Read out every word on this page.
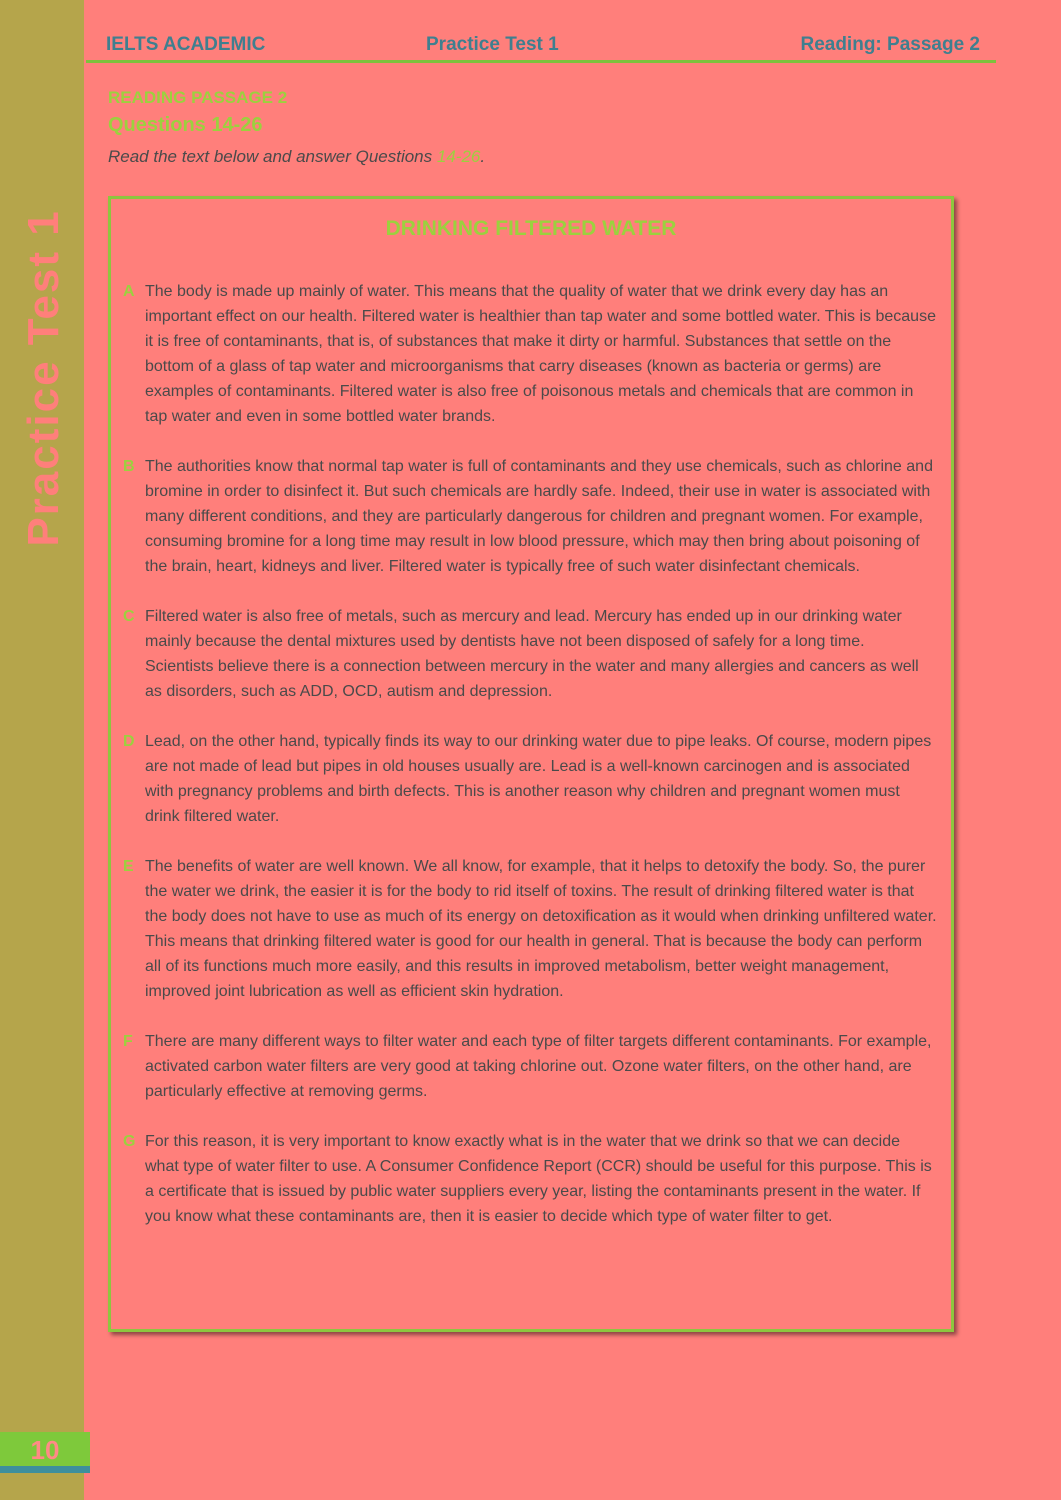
Practice Test 1
10
IELTS ACADEMIC	Practice Test 1	Reading: Passage 2

READING PASSAGE 2

Questions 14-26

Read the text below and answer Questions 14-26.

DRINKING FILTERED WATER

A The body is made up mainly of water. This means that the quality of water that we drink every day has an important effect on our health. Filtered water is healthier than tap water and some bottled water. This is because it is free of contaminants, that is, of substances that make it dirty or harmful. Substances that settle on the bottom of a glass of tap water and microorganisms that carry diseases (known as bacteria or germs) are examples of contaminants. Filtered water is also free of poisonous metals and chemicals that are common in tap water and even in some bottled water brands.

B The authorities know that normal tap water is full of contaminants and they use chemicals, such as chlorine and bromine in order to disinfect it. But such chemicals are hardly safe. Indeed, their use in water is associated with many different conditions, and they are particularly dangerous for children and pregnant women. For example, consuming bromine for a long time may result in low blood pressure, which may then bring about poisoning of the brain, heart, kidneys and liver. Filtered water is typically free of such water disinfectant chemicals.

C Filtered water is also free of metals, such as mercury and lead. Mercury has ended up in our drinking water mainly because the dental mixtures used by dentists have not been disposed of safely for a long time. Scientists believe there is a connection between mercury in the water and many allergies and cancers as well as disorders, such as ADD, OCD, autism and depression.

D Lead, on the other hand, typically finds its way to our drinking water due to pipe leaks. Of course, modern pipes are not made of lead but pipes in old houses usually are. Lead is a well-known carcinogen and is associated with pregnancy problems and birth defects. This is another reason why children and pregnant women must drink filtered water.

E The benefits of water are well known. We all know, for example, that it helps to detoxify the body. So, the purer the water we drink, the easier it is for the body to rid itself of toxins. The result of drinking filtered water is that the body does not have to use as much of its energy on detoxification as it would when drinking unfiltered water. This means that drinking filtered water is good for our health in general. That is because the body can perform all of its functions much more easily, and this results in improved metabolism, better weight management, improved joint lubrication as well as efficient skin hydration.

F There are many different ways to filter water and each type of filter targets different contaminants. For example, activated carbon water filters are very good at taking chlorine out. Ozone water filters, on the other hand, are particularly effective at removing germs.

G For this reason, it is very important to know exactly what is in the water that we drink so that we can decide what type of water filter to use. A Consumer Confidence Report (CCR) should be useful for this purpose. This is a certificate that is issued by public water suppliers every year, listing the contaminants present in the water. If you know what these contaminants are, then it is easier to decide which type of water filter to get.
